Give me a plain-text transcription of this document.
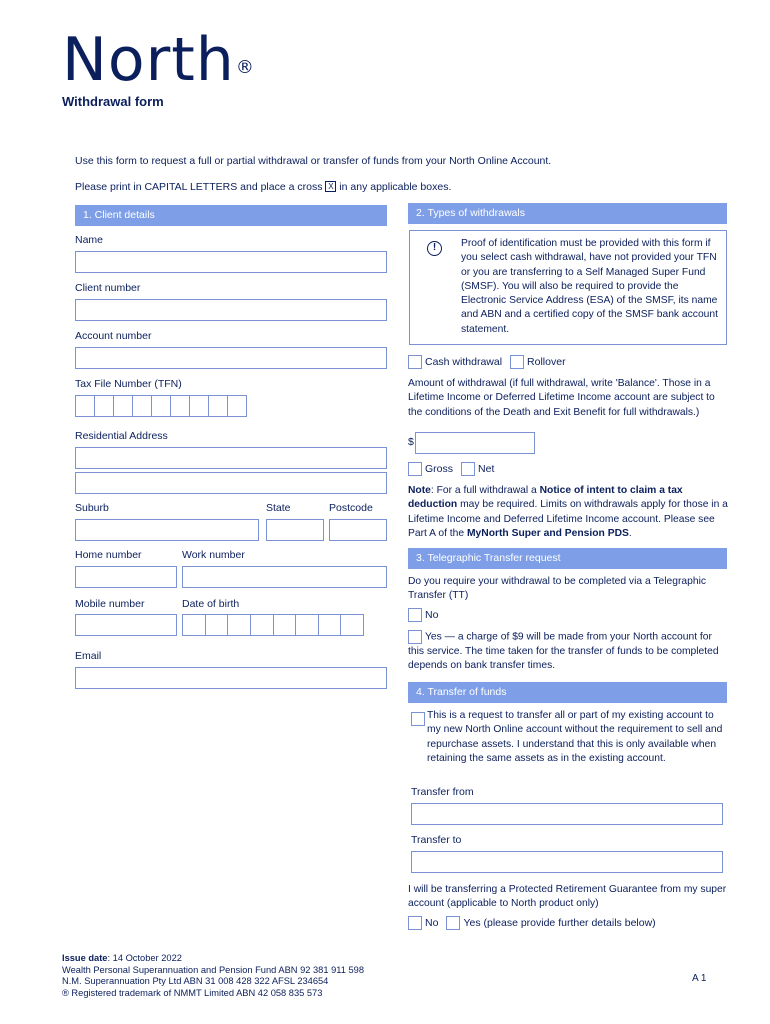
North®
Withdrawal form
Use this form to request a full or partial withdrawal or transfer of funds from your North Online Account.
Please print in CAPITAL LETTERS and place a cross X in any applicable boxes.
1. Client details
Name
Client number
Account number
Tax File Number (TFN)
Residential Address
Suburb	State	Postcode
Home number	Work number
Mobile number	Date of birth
Email
2. Types of withdrawals
!	Proof of identification must be provided with this form if you select cash withdrawal, have not provided your TFN or you are transferring to a Self Managed Super Fund (SMSF). You will also be required to provide the Electronic Service Address (ESA) of the SMSF, its name and ABN and a certified copy of the SMSF bank account statement.
Cash withdrawal Rollover
Amount of withdrawal (if full withdrawal, write 'Balance'. Those in a Lifetime Income or Deferred Lifetime Income account are subject to the conditions of the Death and Exit Benefit for full withdrawals.)
$
Gross Net
Note: For a full withdrawal a Notice of intent to claim a tax deduction may be required. Limits on withdrawals apply for those in a Lifetime Income and Deferred Lifetime Income account. Please see Part A of the MyNorth Super and Pension PDS.
3. Telegraphic Transfer request
Do you require your withdrawal to be completed via a Telegraphic Transfer (TT)
No
Yes — a charge of $9 will be made from your North account for this service. The time taken for the transfer of funds to be completed depends on bank transfer times.
4. Transfer of funds
This is a request to transfer all or part of my existing account to my new North Online account without the requirement to sell and repurchase assets. I understand that this is only available when retaining the same assets as in the existing account.
Transfer from
Transfer to
I will be transferring a Protected Retirement Guarantee from my super account (applicable to North product only)
No Yes (please provide further details below)
Issue date: 14 October 2022
Wealth Personal Superannuation and Pension Fund ABN 92 381 911 598
N.M. Superannuation Pty Ltd ABN 31 008 428 322 AFSL 234654
® Registered trademark of NMMT Limited ABN 42 058 835 573
A 1
